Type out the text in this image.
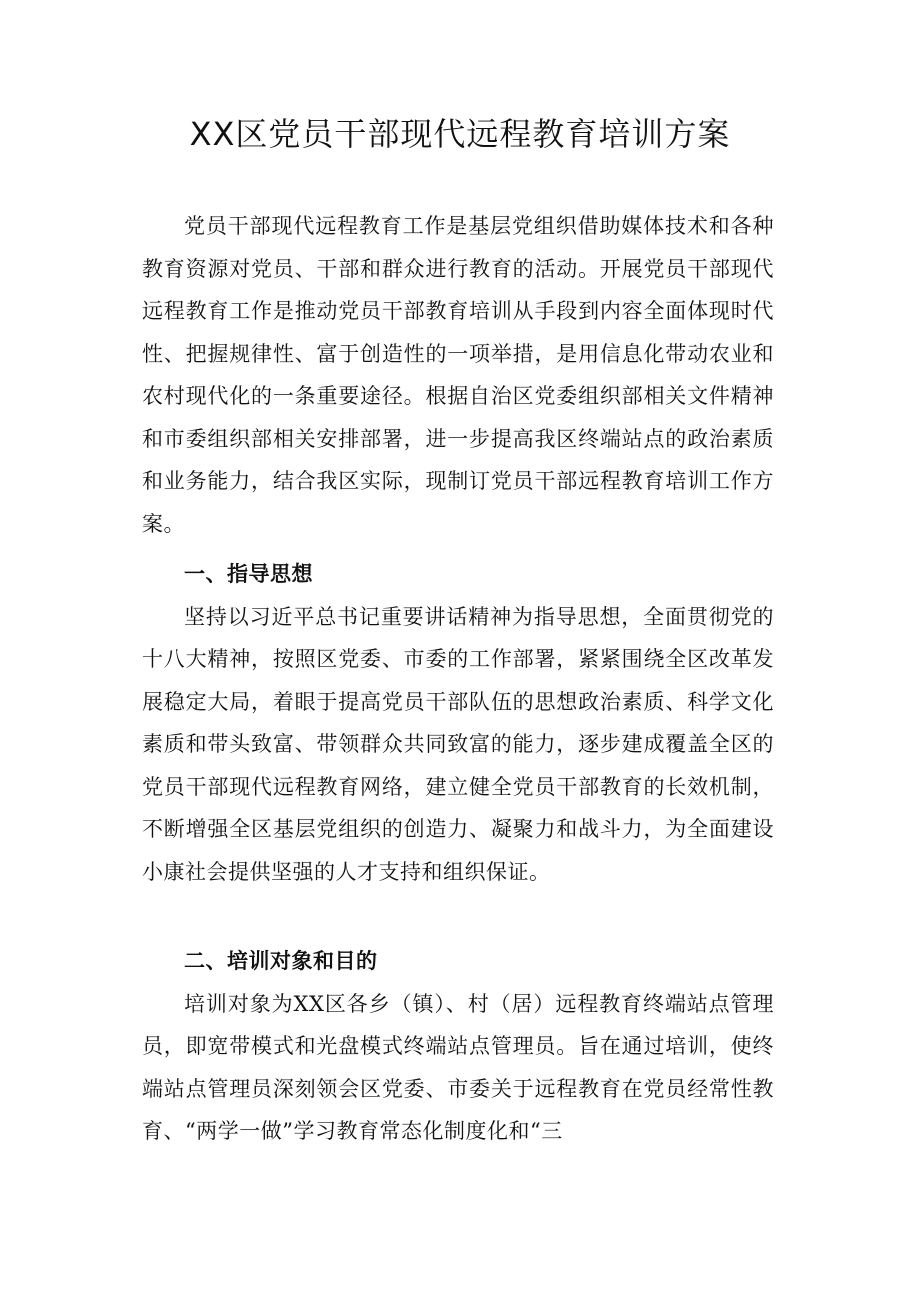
XX区党员干部现代远程教育培训方案

党员干部现代远程教育工作是基层党组织借助媒体技术和各种教育资源对党员、干部和群众进行教育的活动。开展党员干部现代远程教育工作是推动党员干部教育培训从手段到内容全面体现时代性、把握规律性、富于创造性的一项举措，是用信息化带动农业和农村现代化的一条重要途径。根据自治区党委组织部相关文件精神和市委组织部相关安排部署，进一步提高我区终端站点的政治素质和业务能力，结合我区实际，现制订党员干部远程教育培训工作方案。

一、指导思想

坚持以习近平总书记重要讲话精神为指导思想，全面贯彻党的十八大精神，按照区党委、市委的工作部署，紧紧围绕全区改革发展稳定大局，着眼于提高党员干部队伍的思想政治素质、科学文化素质和带头致富、带领群众共同致富的能力，逐步建成覆盖全区的党员干部现代远程教育网络，建立健全党员干部教育的长效机制，不断增强全区基层党组织的创造力、凝聚力和战斗力，为全面建设小康社会提供坚强的人才支持和组织保证。

二、培训对象和目的

培训对象为XX区各乡（镇）、村（居）远程教育终端站点管理员，即宽带模式和光盘模式终端站点管理员。旨在通过培训，使终端站点管理员深刻领会区党委、市委关于远程教育在党员经常性教育、“两学一做”学习教育常态化制度化和“三
